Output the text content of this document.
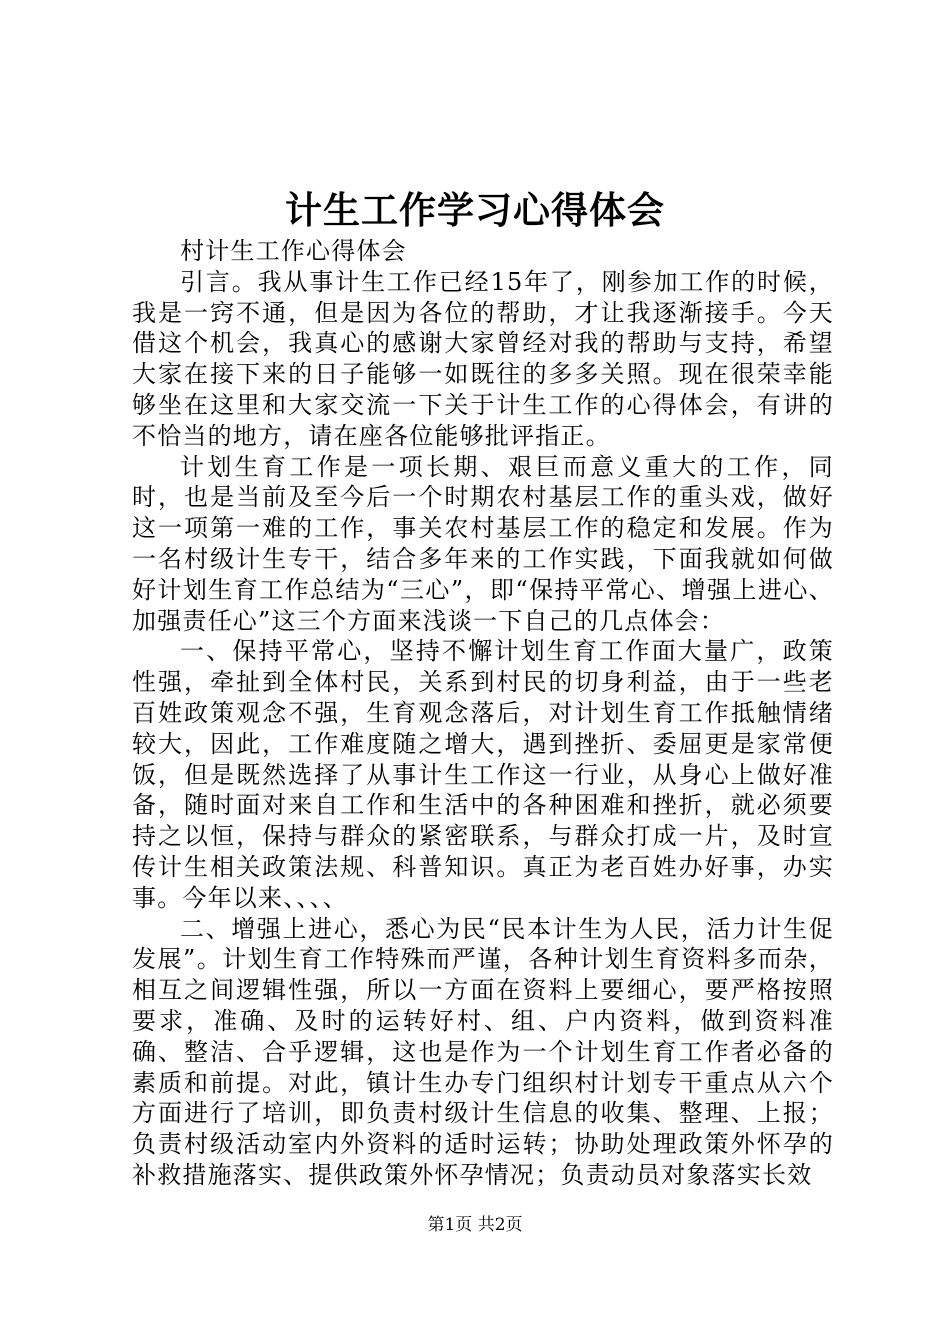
计生工作学习心得体会

村计生工作心得体会

引言。我从事计生工作已经15年了，刚参加工作的时候，我是一窍不通，但是因为各位的帮助，才让我逐渐接手。今天借这个机会，我真心的感谢大家曾经对我的帮助与支持，希望大家在接下来的日子能够一如既往的多多关照。现在很荣幸能够坐在这里和大家交流一下关于计生工作的心得体会，有讲的不恰当的地方，请在座各位能够批评指正。

计划生育工作是一项长期、艰巨而意义重大的工作，同时，也是当前及至今后一个时期农村基层工作的重头戏，做好这一项第一难的工作，事关农村基层工作的稳定和发展。作为一名村级计生专干，结合多年来的工作实践，下面我就如何做好计划生育工作总结为“三心”，即“保持平常心、增强上进心、加强责任心”这三个方面来浅谈一下自己的几点体会：

一、保持平常心，坚持不懈计划生育工作面大量广，政策性强，牵扯到全体村民，关系到村民的切身利益，由于一些老百姓政策观念不强，生育观念落后，对计划生育工作抵触情绪较大，因此，工作难度随之增大，遇到挫折、委屈更是家常便饭，但是既然选择了从事计生工作这一行业，从身心上做好准备，随时面对来自工作和生活中的各种困难和挫折，就必须要持之以恒，保持与群众的紧密联系，与群众打成一片，及时宣传计生相关政策法规、科普知识。真正为老百姓办好事，办实事。今年以来、、、、

二、增强上进心，悉心为民“民本计生为人民，活力计生促发展”。计划生育工作特殊而严谨，各种计划生育资料多而杂，相互之间逻辑性强，所以一方面在资料上要细心，要严格按照要求，准确、及时的运转好村、组、户内资料，做到资料准确、整洁、合乎逻辑，这也是作为一个计划生育工作者必备的素质和前提。对此，镇计生办专门组织村计划专干重点从六个方面进行了培训，即负责村级计生信息的收集、整理、上报；负责村级活动室内外资料的适时运转；协助处理政策外怀孕的补救措施落实、提供政策外怀孕情况；负责动员对象落实长效

第1页 共2页
